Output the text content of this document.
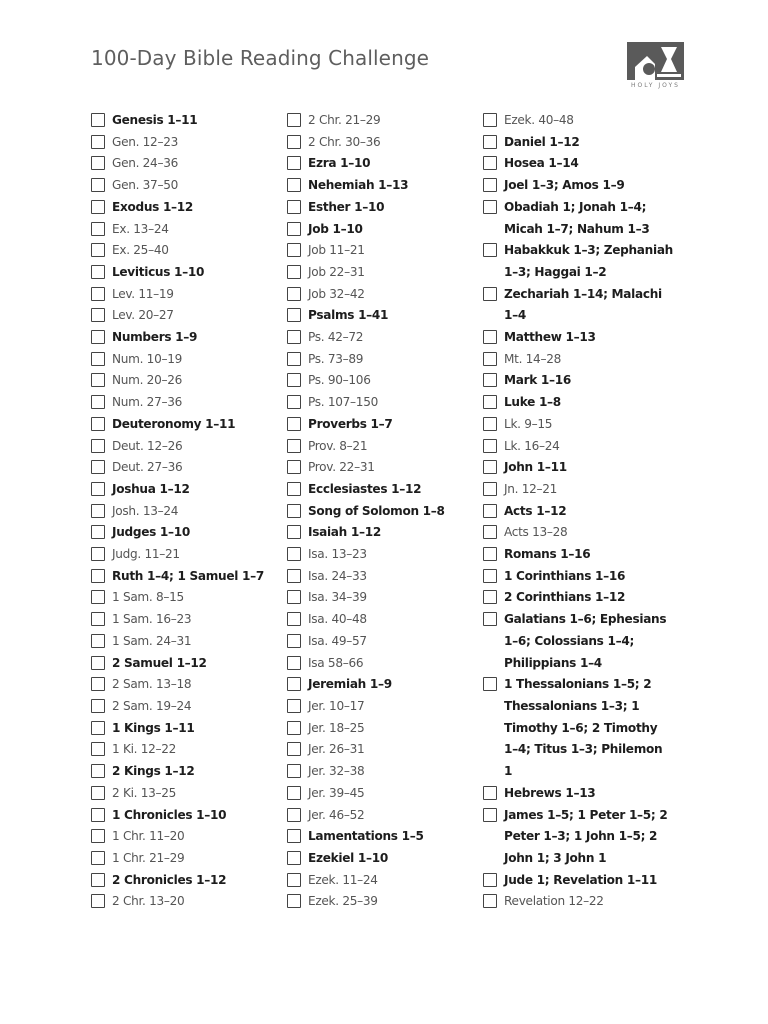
100-Day Bible Reading Challenge
HOLY JOYS
Genesis 1–11
Gen. 12–23
Gen. 24–36
Gen. 37–50
Exodus 1–12
Ex. 13–24
Ex. 25–40
Leviticus 1–10
Lev. 11–19
Lev. 20–27
Numbers 1–9
Num. 10–19
Num. 20–26
Num. 27–36
Deuteronomy 1–11
Deut. 12–26
Deut. 27–36
Joshua 1–12
Josh. 13–24
Judges 1–10
Judg. 11–21
Ruth 1–4; 1 Samuel 1–7
1 Sam. 8–15
1 Sam. 16–23
1 Sam. 24–31
2 Samuel 1–12
2 Sam. 13–18
2 Sam. 19–24
1 Kings 1–11
1 Ki. 12–22
2 Kings 1–12
2 Ki. 13–25
1 Chronicles 1–10
1 Chr. 11–20
1 Chr. 21–29
2 Chronicles 1–12
2 Chr. 13–20
2 Chr. 21–29
2 Chr. 30–36
Ezra 1–10
Nehemiah 1–13
Esther 1–10
Job 1–10
Job 11–21
Job 22–31
Job 32–42
Psalms 1–41
Ps. 42–72
Ps. 73–89
Ps. 90–106
Ps. 107–150
Proverbs 1–7
Prov. 8–21
Prov. 22–31
Ecclesiastes 1–12
Song of Solomon 1–8
Isaiah 1–12
Isa. 13–23
Isa. 24–33
Isa. 34–39
Isa. 40–48
Isa. 49–57
Isa 58–66
Jeremiah 1–9
Jer. 10–17
Jer. 18–25
Jer. 26–31
Jer. 32–38
Jer. 39–45
Jer. 46–52
Lamentations 1–5
Ezekiel 1–10
Ezek. 11–24
Ezek. 25–39
Ezek. 40–48
Daniel 1–12
Hosea 1–14
Joel 1–3; Amos 1–9
Obadiah 1; Jonah 1–4; Micah 1–7; Nahum 1–3
Habakkuk 1–3; Zephaniah 1–3; Haggai 1–2
Zechariah 1–14; Malachi 1–4
Matthew 1–13
Mt. 14–28
Mark 1–16
Luke 1–8
Lk. 9–15
Lk. 16–24
John 1–11
Jn. 12–21
Acts 1–12
Acts 13–28
Romans 1–16
1 Corinthians 1–16
2 Corinthians 1–12
Galatians 1–6; Ephesians 1–6; Colossians 1–4; Philippians 1–4
1 Thessalonians 1–5; 2 Thessalonians 1–3; 1 Timothy 1–6; 2 Timothy 1–4; Titus 1–3; Philemon 1
Hebrews 1–13
James 1–5; 1 Peter 1–5; 2 Peter 1–3; 1 John 1–5; 2 John 1; 3 John 1
Jude 1; Revelation 1–11
Revelation 12–22
